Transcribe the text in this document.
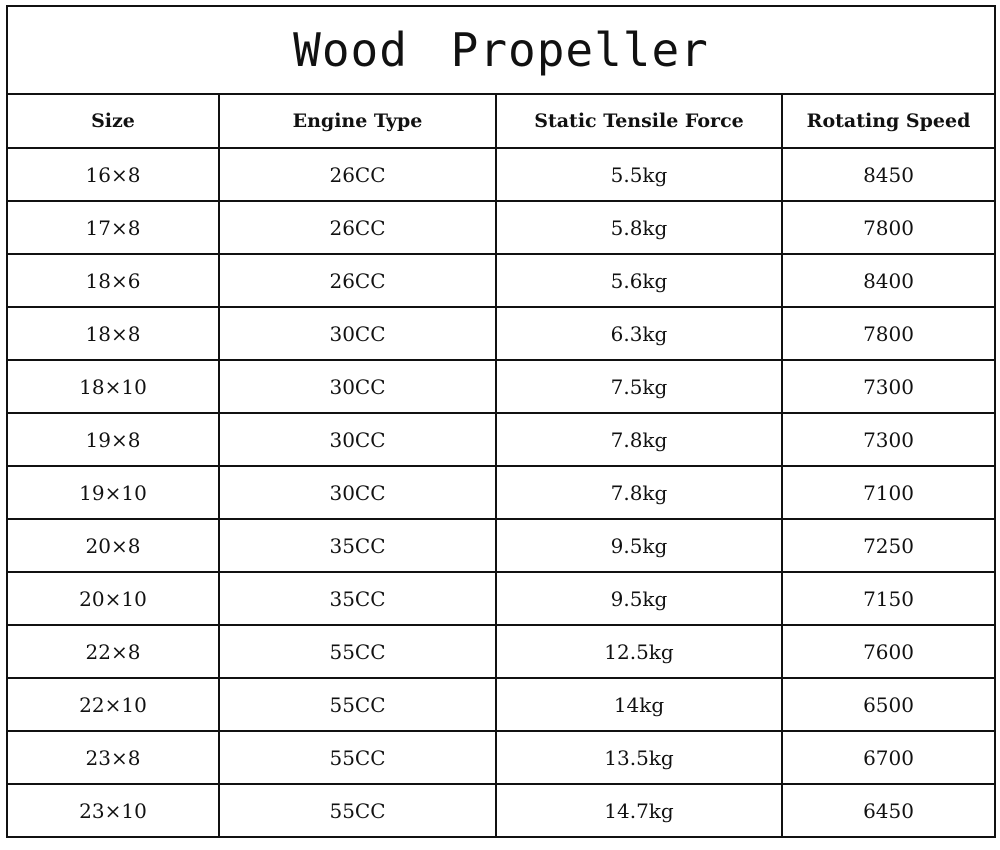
Wood Propeller			
Size	Engine Type	Static Tensile Force	Rotating Speed
16×8	26CC	5.5kg	8450
17×8	26CC	5.8kg	7800
18×6	26CC	5.6kg	8400
18×8	30CC	6.3kg	7800
18×10	30CC	7.5kg	7300
19×8	30CC	7.8kg	7300
19×10	30CC	7.8kg	7100
20×8	35CC	9.5kg	7250
20×10	35CC	9.5kg	7150
22×8	55CC	12.5kg	7600
22×10	55CC	14kg	6500
23×8	55CC	13.5kg	6700
23×10	55CC	14.7kg	6450
